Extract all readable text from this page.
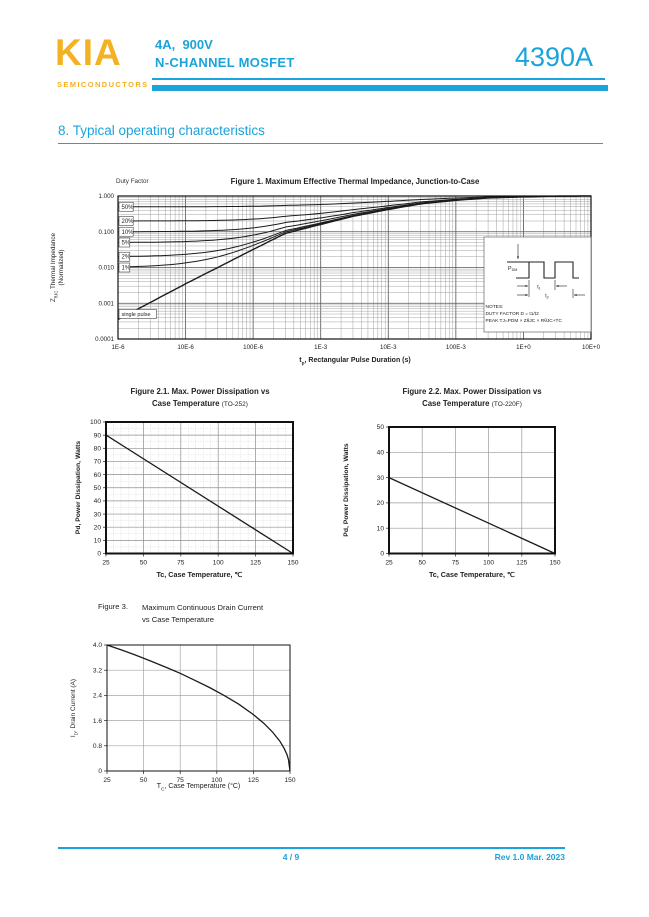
KIA
SEMICONDUCTORS
4A,  900V
N-CHANNEL MOSFET	4390A
8. Typical operating characteristics
Figure 1. Maximum Effective Thermal Impedance, Junction-to-Case
Duty Factor
$Z_{\theta JC}$ Thermal Impedance (Normalized)
50%
20%
10%
5%
2%
1%
single pulse
1E-6	10E-6	100E-6	1E-3	10E-3	100E-3	1E+0	10E+0
1.000
0.100
0.010
0.001
0.0001
$P_{DM}$
$t_1$
$t_2$
NOTES:
DUTY FACTOR D = t1/t2
PEAK TJ=PDM × ZθJC × RθJC+TC
$t_p$, Rectangular Pulse Duration (s)
Figure 2.1. Max. Power Dissipation vs
Case Temperature (TO-252)
Pd, Power Dissipation, Watts
25	50	75	100	125	150
100
90
80
70
60
50
40
30
20
10
0
Tc, Case Temperature, ℃
Figure 2.2. Max. Power Dissipation vs
Case Temperature (TO-220F)
Pd, Power Dissipation, Watts
25	50	75	100	125	150
50
40
30
20
10
0
Tc, Case Temperature, ℃
Figure 3. Maximum Continuous Drain Current
vs Case Temperature
$I_D$, Drain Current (A)
25	50	75	100	125	150
4.0
3.2
2.4
1.6
0.8
0
$T_C$, Case Temperature (°C)
4 / 9	Rev 1.0 Mar. 2023
